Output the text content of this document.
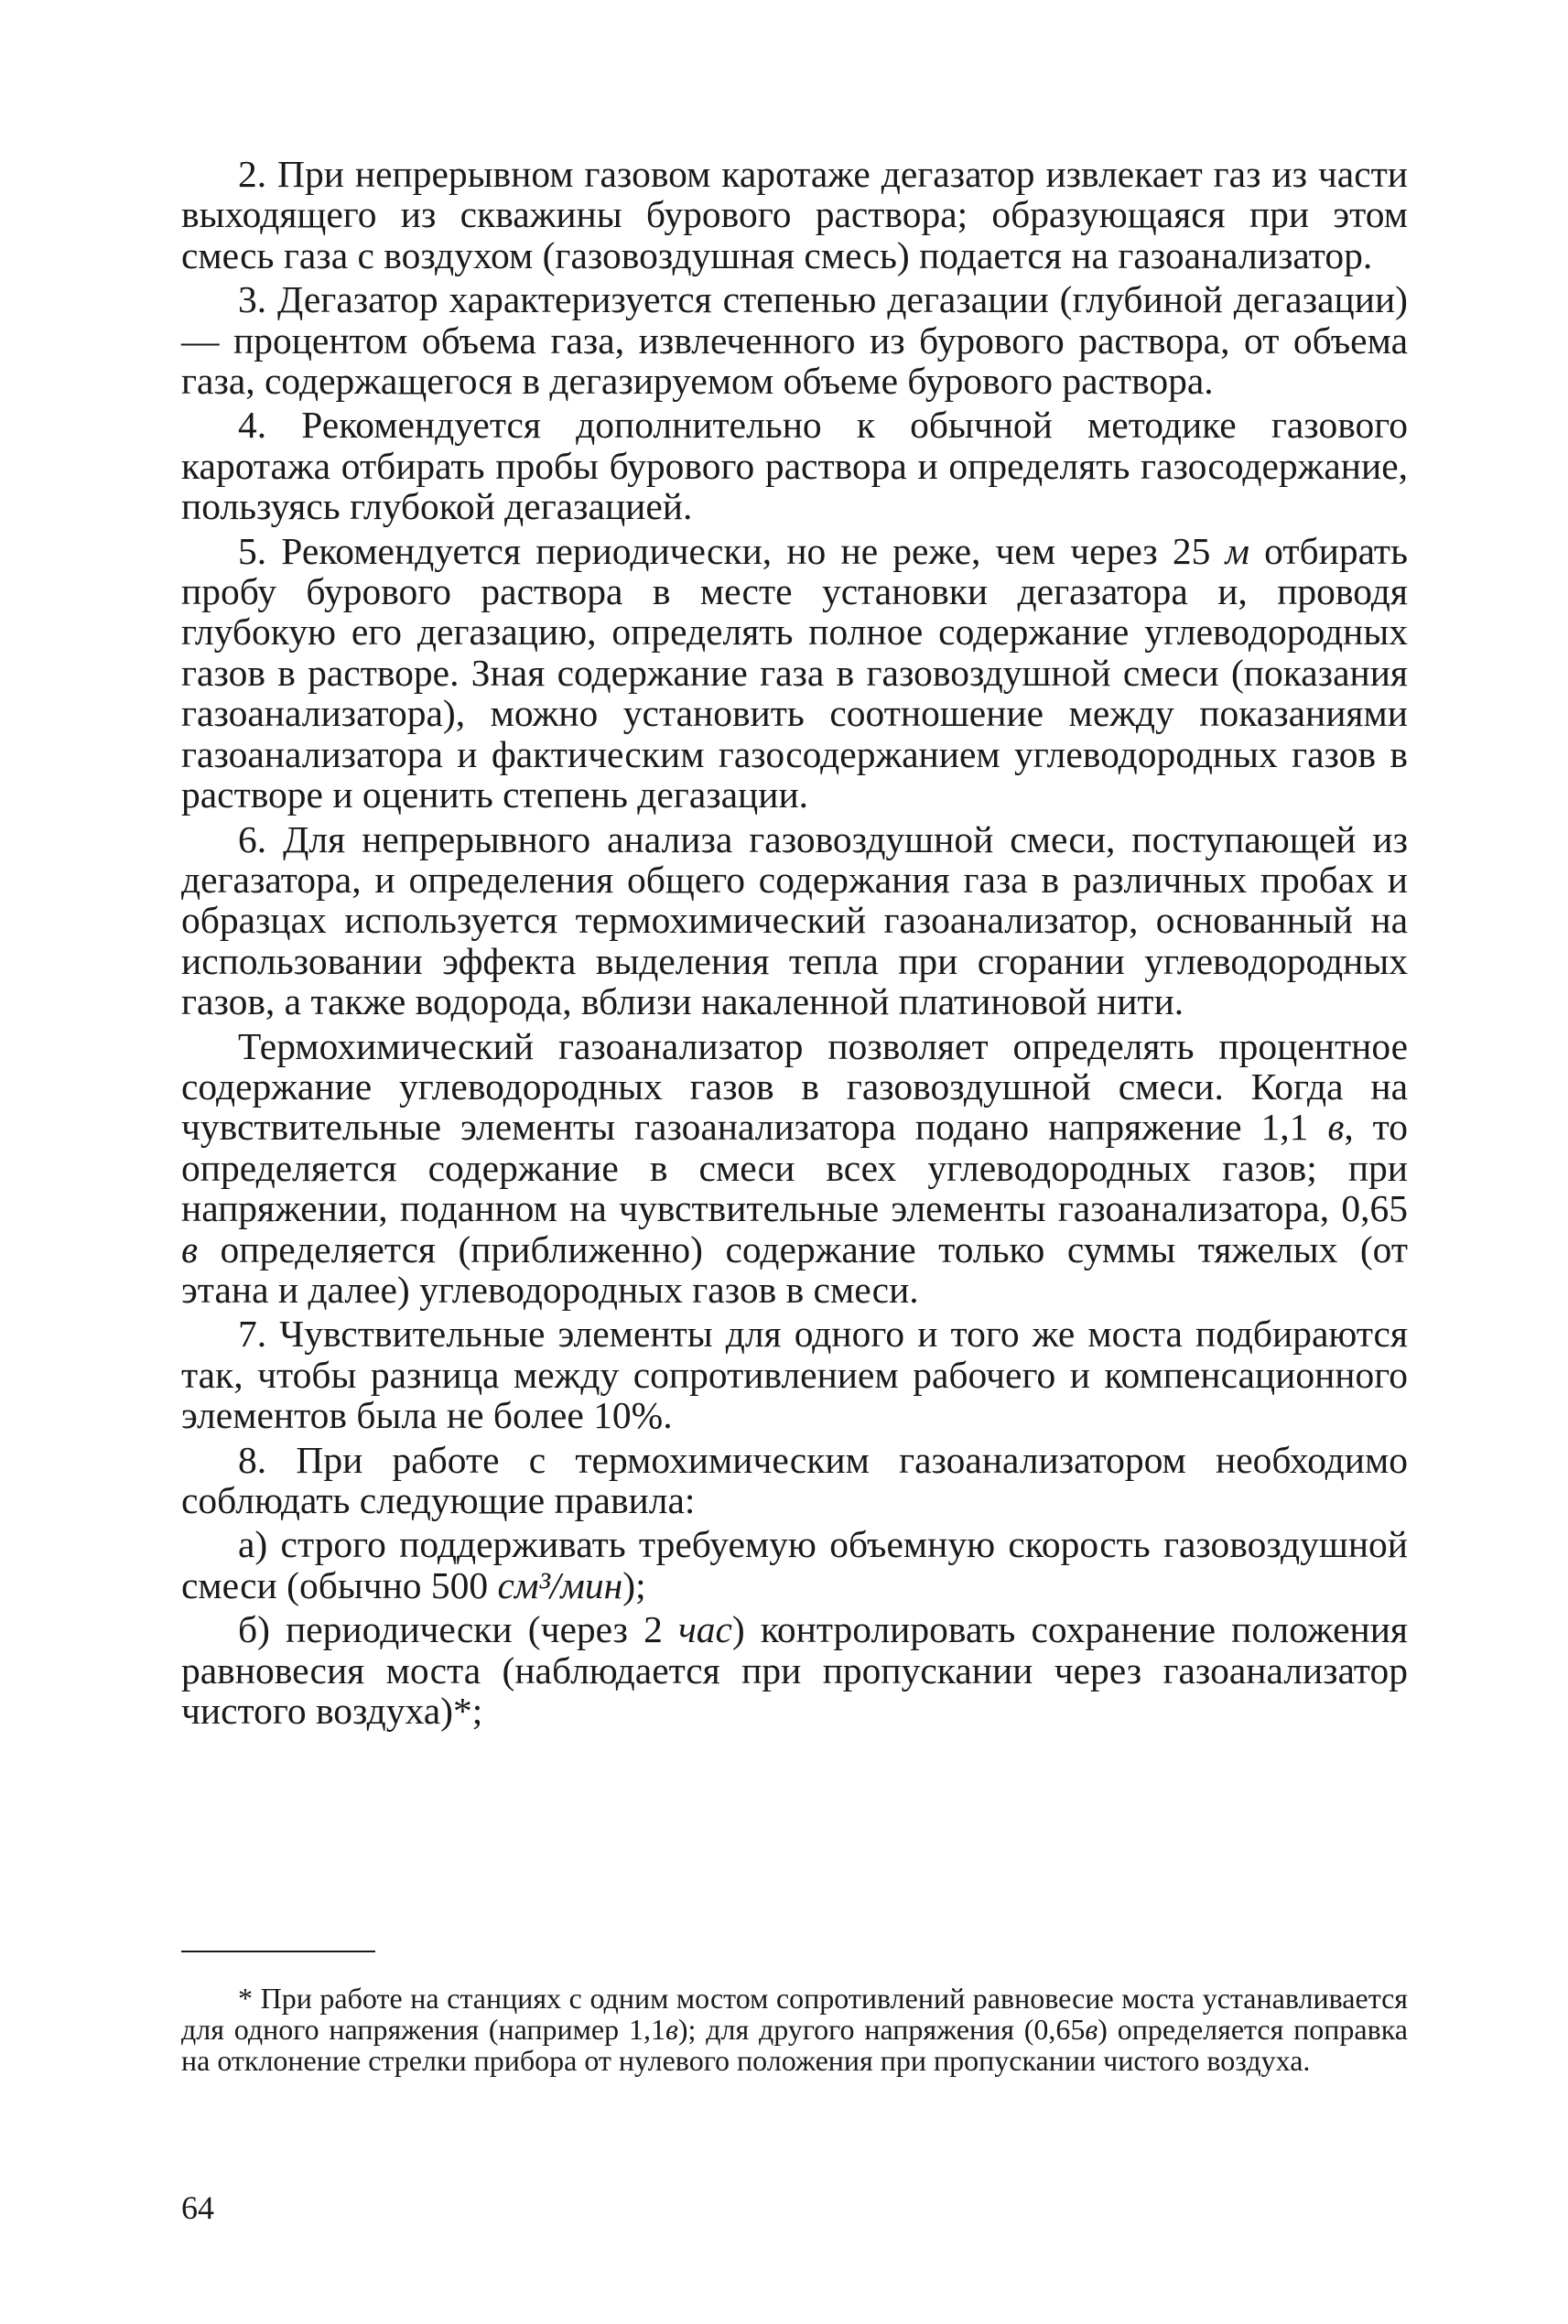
2. При непрерывном газовом каротаже дегазатор извлекает газ из части выходящего из скважины бурового раствора; образующаяся при этом смесь газа с воздухом (газовоздушная смесь) подается на газоанализатор.

3. Дегазатор характеризуется степенью дегазации (глубиной дегазации) — процентом объема газа, извлеченного из бурового раствора, от объема газа, содержащегося в дегазируемом объеме бурового раствора.

4. Рекомендуется дополнительно к обычной методике газового каротажа отбирать пробы бурового раствора и определять газосодержание, пользуясь глубокой дегазацией.

5. Рекомендуется периодически, но не реже, чем через 25 м отбирать пробу бурового раствора в месте установки дегазатора и, проводя глубокую его дегазацию, определять полное содержание углеводородных газов в растворе. Зная содержание газа в газовоздушной смеси (показания газоанализатора), можно установить соотношение между показаниями газоанализатора и фактическим газосодержанием углеводородных газов в растворе и оценить степень дегазации.

6. Для непрерывного анализа газовоздушной смеси, поступающей из дегазатора, и определения общего содержания газа в различных пробах и образцах используется термохимический газоанализатор, основанный на использовании эффекта выделения тепла при сгорании углеводородных газов, а также водорода, вблизи накаленной платиновой нити.

Термохимический газоанализатор позволяет определять процентное содержание углеводородных газов в газовоздушной смеси. Когда на чувствительные элементы газоанализатора подано напряжение 1,1 в, то определяется содержание в смеси всех углеводородных газов; при напряжении, поданном на чувствительные элементы газоанализатора, 0,65 в определяется (приближенно) содержание только суммы тяжелых (от этана и далее) углеводородных газов в смеси.

7. Чувствительные элементы для одного и того же моста подбираются так, чтобы разница между сопротивлением рабочего и компенсационного элементов была не более 10%.

8. При работе с термохимическим газоанализатором необходимо соблюдать следующие правила:

а) строго поддерживать требуемую объемную скорость газовоздушной смеси (обычно 500 см³/мин);

б) периодически (через 2 час) контролировать сохранение положения равновесия моста (наблюдается при пропускании через газоанализатор чистого воздуха)*;

* При работе на станциях с одним мостом сопротивлений равновесие моста устанавливается для одного напряжения (например 1,1в); для другого напряжения (0,65в) определяется поправка на отклонение стрелки прибора от нулевого положения при пропускании чистого воздуха.

64
